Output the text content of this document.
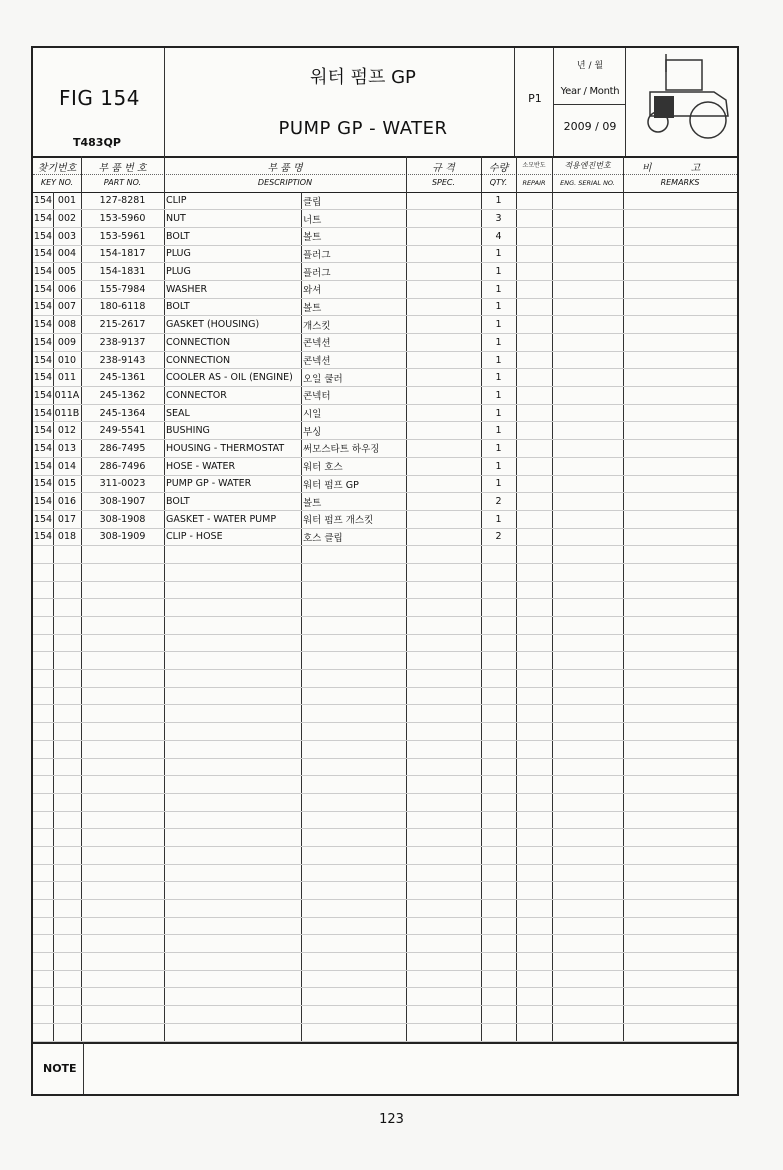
FIG 154
T483QP
워터 펌프 GP
PUMP GP - WATER
P1
년 / 월
Year / Month
2009 / 09
찾기번호
KEY NO.
부 품 번 호
PART NO.
부 품 명
DESCRIPTION
규 격
SPEC.
수량
QTY.
소모반도
REPAIR
적용엔진번호
ENG. SERIAL NO.
비 고
REMARKS
154	001	127-8281	CLIP	클립		1			
154	002	153-5960	NUT	너트		3			
154	003	153-5961	BOLT	볼트		4			
154	004	154-1817	PLUG	플러그		1			
154	005	154-1831	PLUG	플러그		1			
154	006	155-7984	WASHER	와셔		1			
154	007	180-6118	BOLT	볼트		1			
154	008	215-2617	GASKET (HOUSING)	개스킷		1			
154	009	238-9137	CONNECTION	콘넥션		1			
154	010	238-9143	CONNECTION	콘넥션		1			
154	011	245-1361	COOLER AS - OIL (ENGINE)	오일 쿨러		1			
154	011A	245-1362	CONNECTOR	콘넥터		1			
154	011B	245-1364	SEAL	시일		1			
154	012	249-5541	BUSHING	부싱		1			
154	013	286-7495	HOUSING - THERMOSTAT	써모스타트 하우징		1			
154	014	286-7496	HOSE - WATER	워터 호스		1			
154	015	311-0023	PUMP GP - WATER	워터 펌프 GP		1			
154	016	308-1907	BOLT	볼트		2			
154	017	308-1908	GASKET - WATER PUMP	워터 펌프 개스킷		1			
154	018	308-1909	CLIP - HOSE	호스 클립		2			

NOTE
123
